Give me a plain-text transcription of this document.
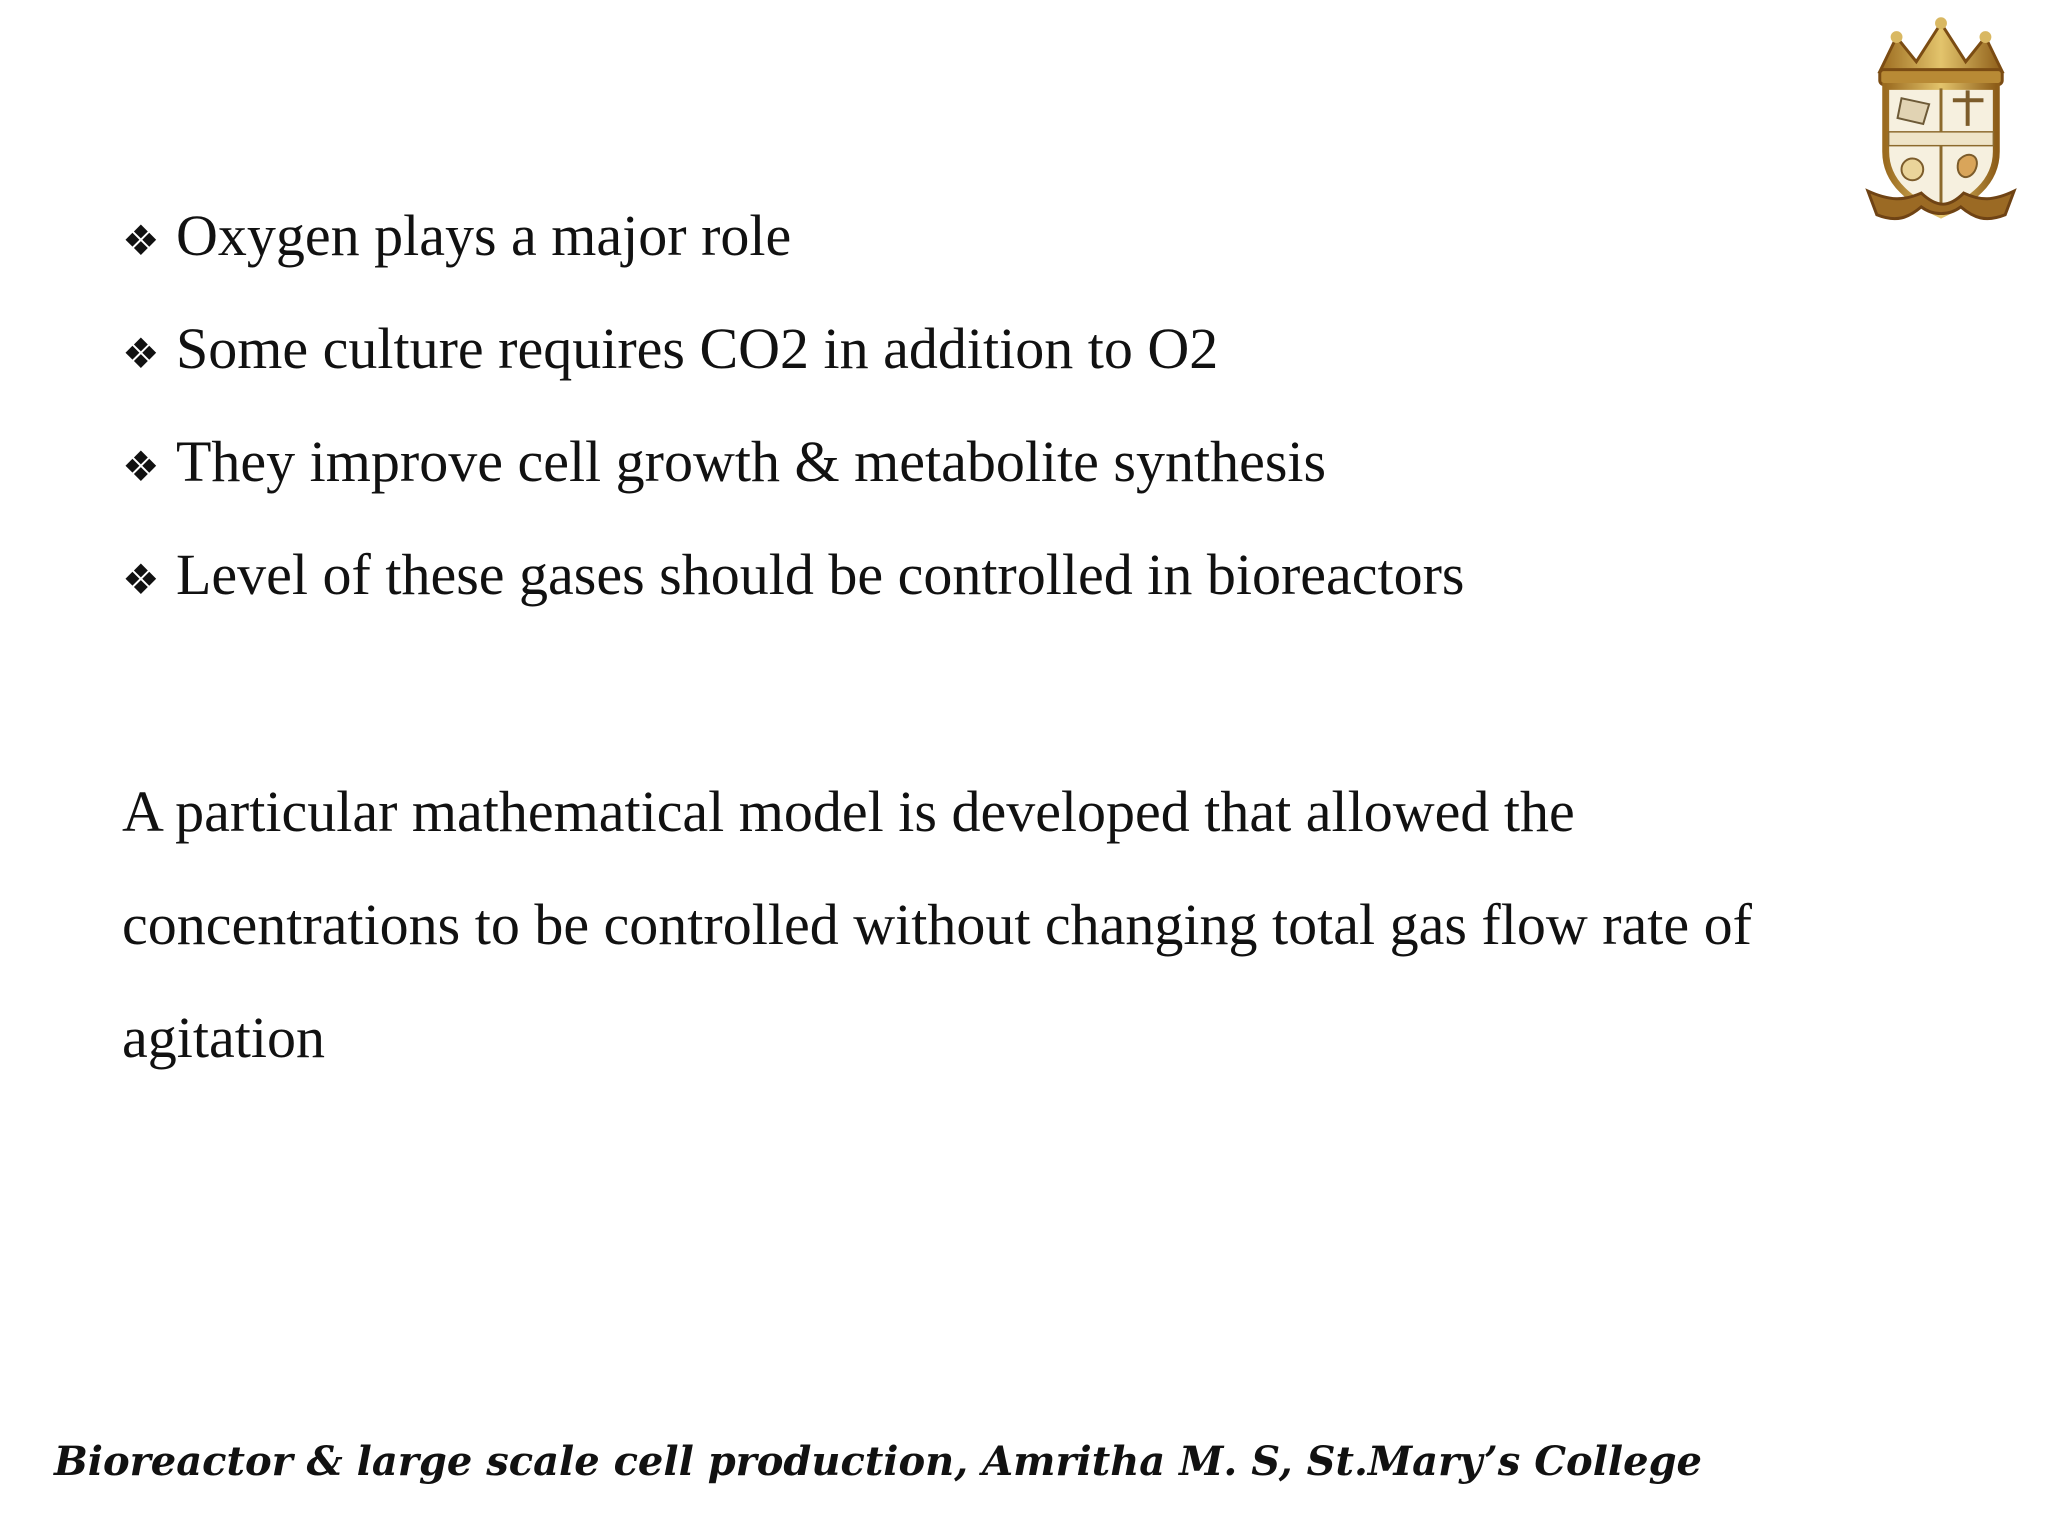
❖ Oxygen plays a major role
❖ Some culture requires CO2 in addition to O2
❖ They improve cell growth & metabolite synthesis
❖ Level of these gases should be controlled in bioreactors

A particular mathematical model is developed that allowed the concentrations to be controlled without changing total gas flow rate of agitation

Bioreactor & large scale cell production, Amritha M. S, St.Mary’s College
